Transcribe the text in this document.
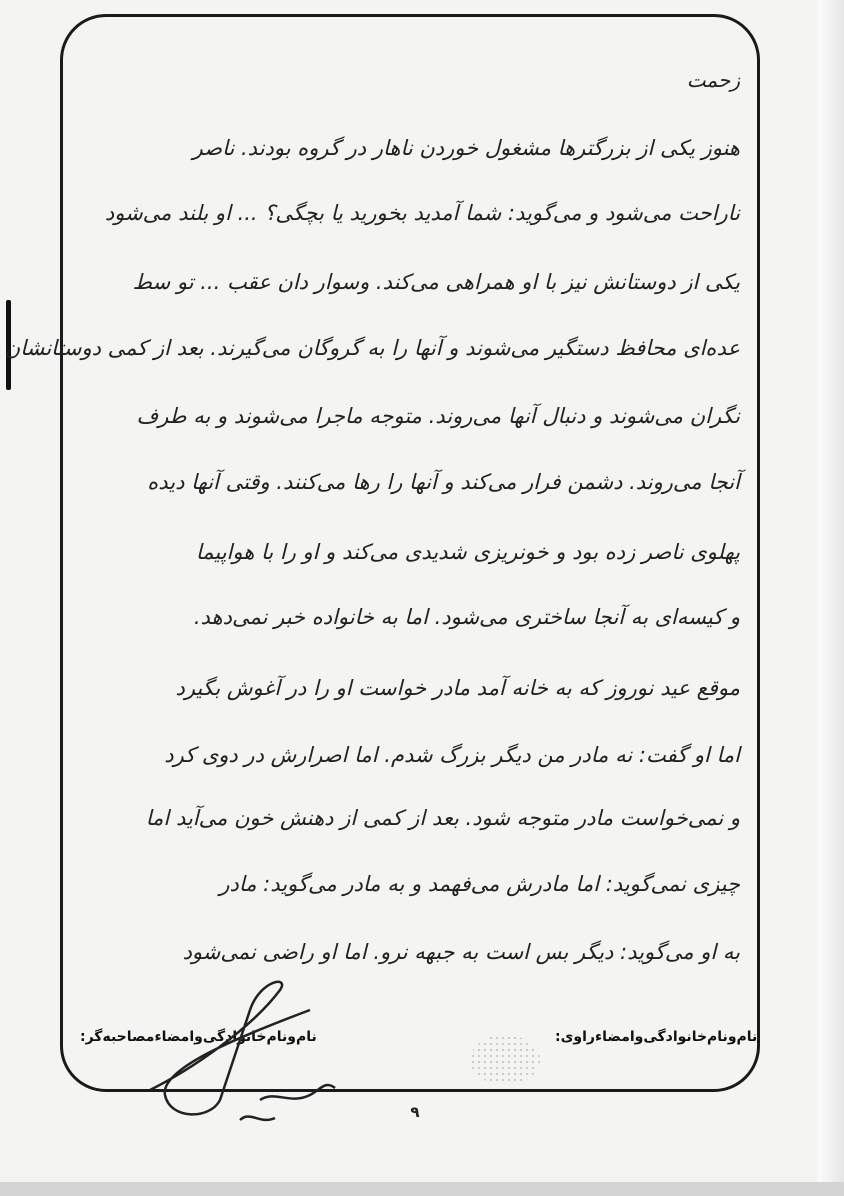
زحمت
هنوز یکی از بزرگترها مشغول خوردن ناهار در گروه بودند. ناصر
ناراحت می‌شود و می‌گوید: شما آمدید بخورید یا بچگی؟ ... او بلند می‌شود
یکی از دوستانش نیز با او همراهی می‌کند. وسوار دان عقب ... تو سط
عده‌ای محافظ دستگیر می‌شوند و آنها را به گروگان می‌گیرند. بعد از کمی دوستانشان
نگران می‌شوند و دنبال آنها می‌روند. متوجه ماجرا می‌شوند و به طرف
آنجا می‌روند. دشمن فرار می‌کند و آنها را رها می‌کنند. وقتی آنها دیده
پهلوی ناصر زده بود و خونریزی شدیدی می‌کند و او را با هواپیما
و کیسه‌ای به آنجا ساختری می‌شود. اما به خانواده خبر نمی‌دهد.
موقع عید نوروز که به خانه آمد مادر خواست او را در آغوش بگیرد
اما او گفت: نه مادر من دیگر بزرگ شدم. اما اصرارش در دوی کرد
و نمی‌خواست مادر متوجه شود. بعد از کمی از دهنش خون می‌آید اما
چیزی نمی‌گوید: اما مادرش می‌فهمد و به مادر می‌گوید: مادر
به او می‌گوید: دیگر بس است به جبهه نرو. اما او راضی نمی‌شود
نام‌ونام‌خانوادگی‌وامضاءراوی:
نام‌ونام‌خانوادگی‌وامضاءمصاحبه‌گر:
۹
